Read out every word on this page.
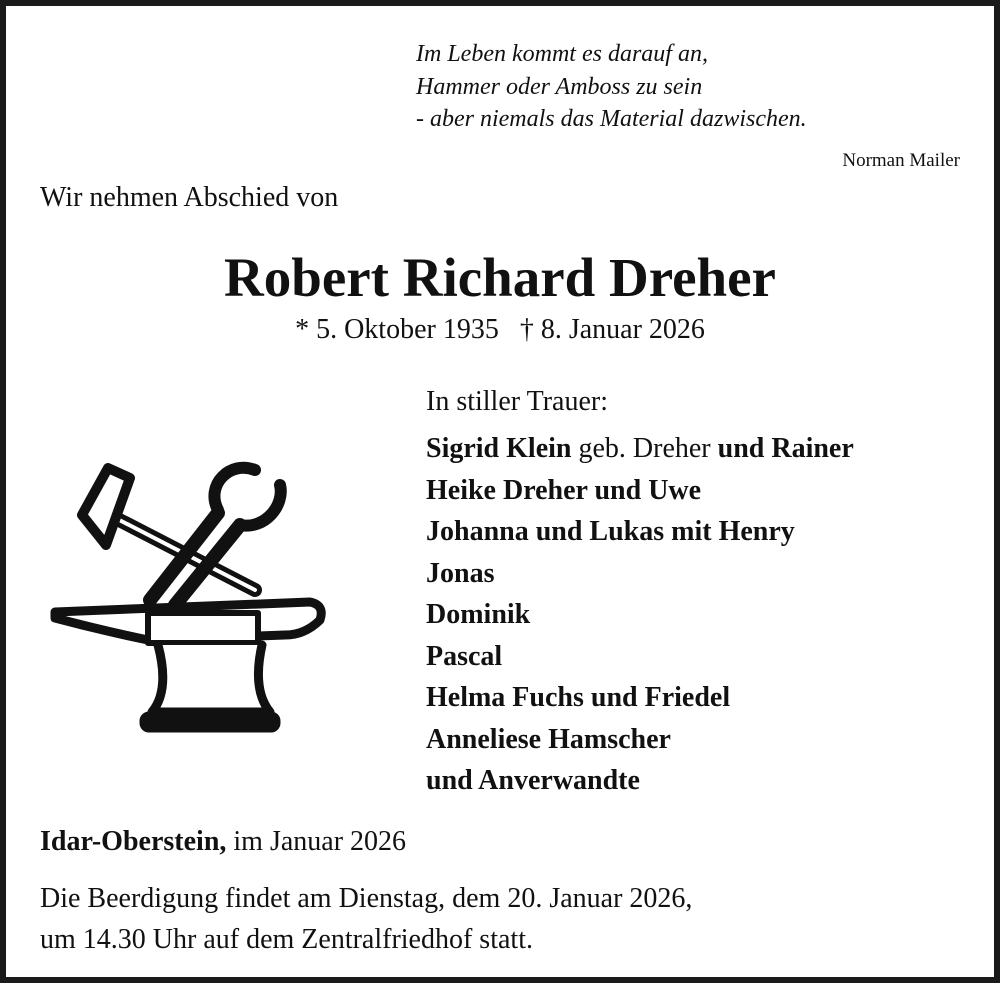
Im Leben kommt es darauf an,
Hammer oder Amboss zu sein
- aber niemals das Material dazwischen.
Norman Mailer
Wir nehmen Abschied von
Robert Richard Dreher
* 5. Oktober 1935 † 8. Januar 2026
In stiller Trauer:
Sigrid Klein geb. Dreher und Rainer
Heike Dreher und Uwe
Johanna und Lukas mit Henry
Jonas
Dominik
Pascal
Helma Fuchs und Friedel
Anneliese Hamscher
und Anverwandte
Idar-Oberstein, im Januar 2026
Die Beerdigung findet am Dienstag, dem 20. Januar 2026,
um 14.30 Uhr auf dem Zentralfriedhof statt.
